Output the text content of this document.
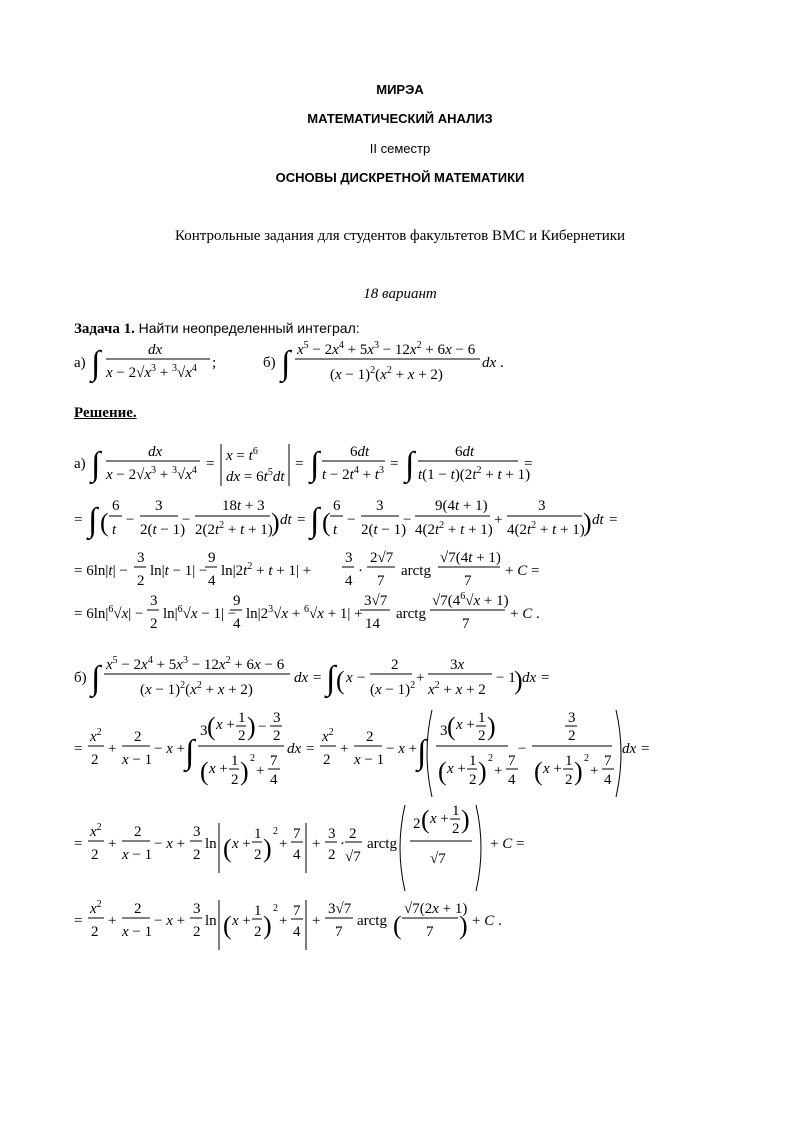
МИРЭА
МАТЕМАТИЧЕСКИЙ АНАЛИЗ
II семестр
ОСНОВЫ ДИСКРЕТНОЙ МАТЕМАТИКИ
Контрольные задания для студентов факультетов ВМС и Кибернетики
18 вариант
Задача 1. Найти неопределенный интеграл:
а) ∫	dx
$x - 2√x^3 + ^3√x^4$ ;	б) ∫ $x^5 - 2x^4 + 5x^3 - 12x^2 + 6x - 6$
$(x - 1)^2(x^2 + x + 2)$
dx .
Решение.
а) ∫	dx
$x - 2√x^3 + ^3√x^4 = x = t^6$
dx = $6t^5dt$
= ∫ 6dt
$t - 2t^4 + t^3$ = ∫	6dt
$t(1 - t)(2t^2 + t + 1)$
=
= ∫ (
6
t
−
3
2(t − 1)
−
18t + 3
$2(2t^2 + t + 1)$
) dt = ∫ (
6
t
−
3
2(t − 1)
−
9(4t + 1)
$4(2t^2 + t + 1)$
+
3
$4(2t^2 + t + 1)$
) dt =
= 6ln|t| −
3
2
ln|t − 1| −
9
4
$\ln|2t^2 + t + 1|$ +
3
4
·
2√7
7
arctg
√7(4t + 1)
7
+ C =
= $6\ln|^6√x|$ −
3
2
$\ln|^6√x - 1|$ −
9
4
$\ln|2^3√x + ^6√x + 1|$ +
3√7
14
arctg
$√7(4^6√x + 1)$
7
+ C .
б) ∫ $x^5 - 2x^4 + 5x^3 - 12x^2 + 6x - 6$
$(x - 1)^2(x^2 + x + 2)$
dx = ∫ ( x −
2
$(x - 1)^2$ +
3x
$x^2 + x + 2$
− 1
) dx =
=
$x^2$
2
+
2
x − 1
− x + ∫
3 ( x + 1
2 ) −
3
2
( x + 1
2 ) 2
+
7
4
dx =
$x^2$
2
+
2
x − 1
− x + ∫
3 ( x + 1
2 )
( x + 1
2 ) 2
+
7
4
−
3
2
( x + 1
2 ) 2
+
7
4
dx =
=
$x^2$
2
+
2
x − 1
− x +
3
2
ln ( x +
1
2 )
2
+
7
4
+
3
2
·
2
√7
arctg
2 ( x + 1
2 )
√7
+ C =
=
$x^2$
2
+
2
x − 1
− x +
3
2
ln ( x +
1
2 )
2
+
7
4
+
3√7
7
arctg (
√7(2x + 1)
7 ) + C .
